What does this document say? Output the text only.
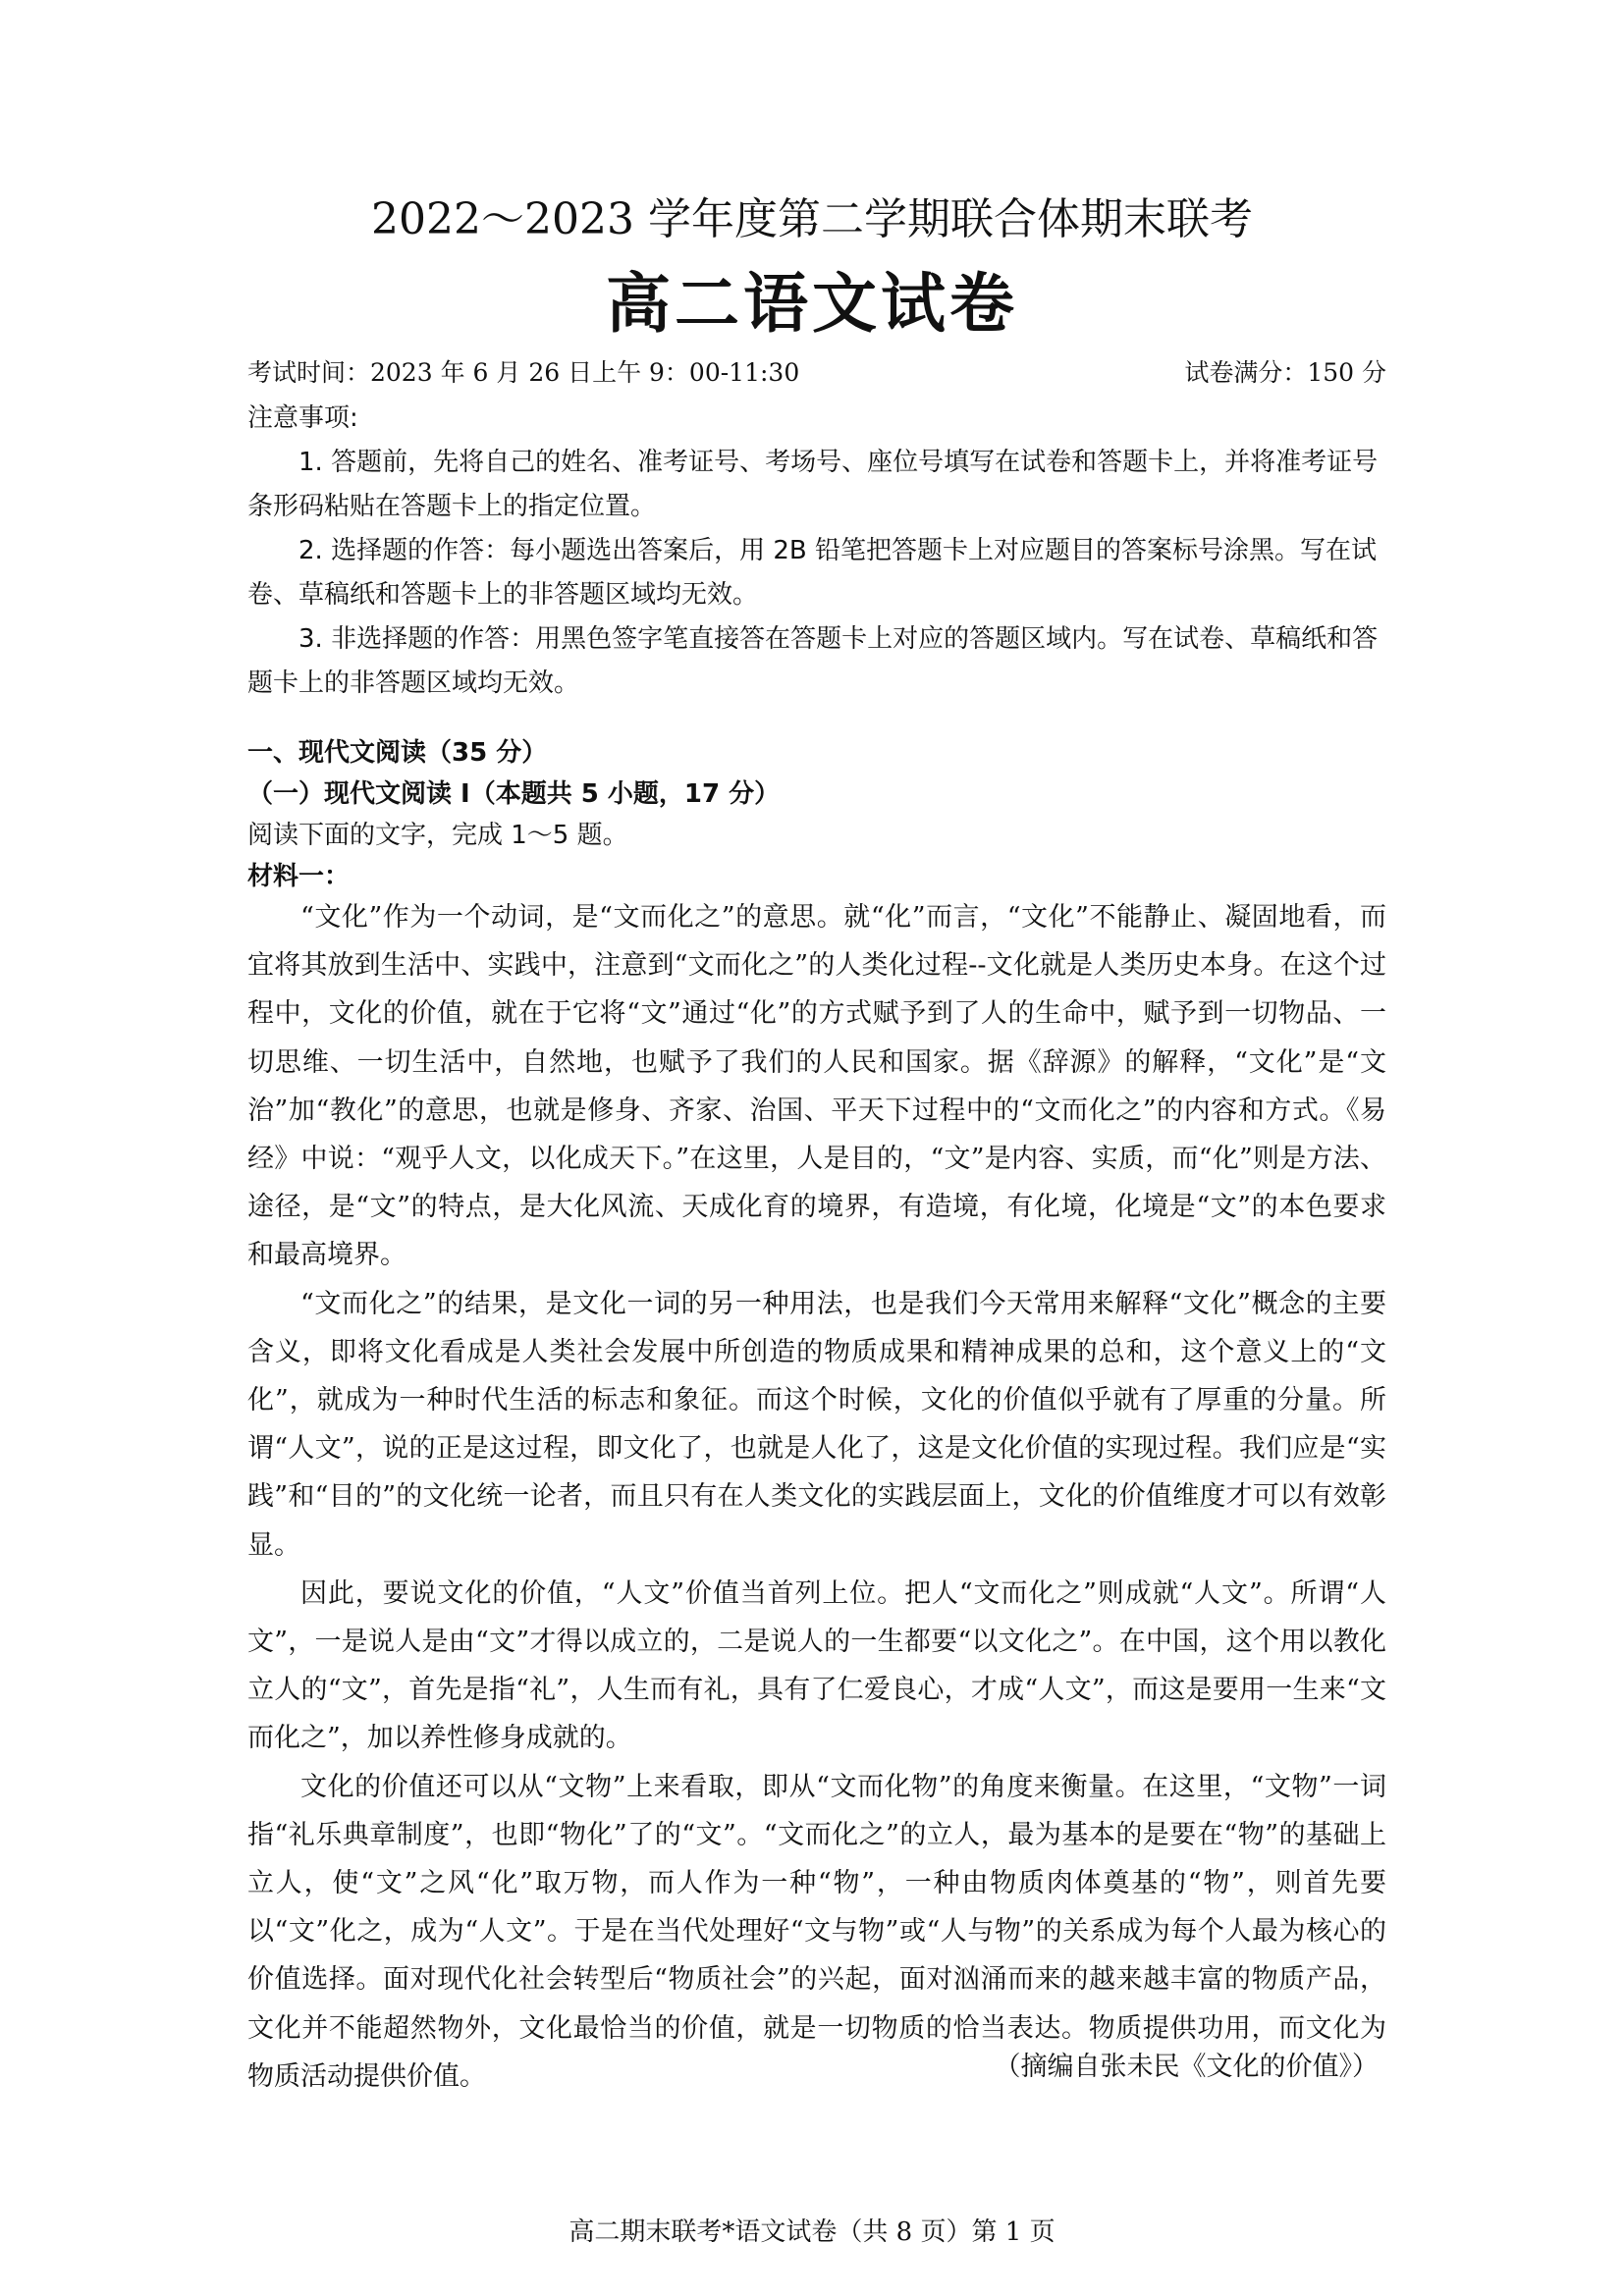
2022～2023 学年度第二学期联合体期末联考
高二语文试卷
考试时间：2023 年 6 月 26 日上午 9：00-11:30	试卷满分：150 分

注意事项:

1. 答题前，先将自己的姓名、准考证号、考场号、座位号填写在试卷和答题卡上，并将准考证号条形码粘贴在答题卡上的指定位置。

2. 选择题的作答：每小题选出答案后，用 2B 铅笔把答题卡上对应题目的答案标号涂黑。写在试卷、草稿纸和答题卡上的非答题区域均无效。

3. 非选择题的作答：用黑色签字笔直接答在答题卡上对应的答题区域内。写在试卷、草稿纸和答题卡上的非答题区域均无效。

一、现代文阅读（35 分）
（一）现代文阅读 I（本题共 5 小题，17 分）
阅读下面的文字，完成 1～5 题。
材料一：

“文化”作为一个动词，是“文而化之”的意思。就“化”而言，“文化”不能静止、凝固地看，而宜将其放到生活中、实践中，注意到“文而化之”的人类化过程--文化就是人类历史本身。在这个过程中，文化的价值，就在于它将“文”通过“化”的方式赋予到了人的生命中，赋予到一切物品、一切思维、一切生活中，自然地，也赋予了我们的人民和国家。据《辞源》的解释，“文化”是“文治”加“教化”的意思，也就是修身、齐家、治国、平天下过程中的“文而化之”的内容和方式。《易经》中说：“观乎人文，以化成天下。”在这里，人是目的，“文”是内容、实质，而“化”则是方法、途径，是“文”的特点，是大化风流、天成化育的境界，有造境，有化境，化境是“文”的本色要求和最高境界。

“文而化之”的结果，是文化一词的另一种用法，也是我们今天常用来解释“文化”概念的主要含义，即将文化看成是人类社会发展中所创造的物质成果和精神成果的总和，这个意义上的“文化”，就成为一种时代生活的标志和象征。而这个时候，文化的价值似乎就有了厚重的分量。所谓“人文”，说的正是这过程，即文化了，也就是人化了，这是文化价值的实现过程。我们应是“实践”和“目的”的文化统一论者，而且只有在人类文化的实践层面上，文化的价值维度才可以有效彰显。

因此，要说文化的价值，“人文”价值当首列上位。把人“文而化之”则成就“人文”。所谓“人文”，一是说人是由“文”才得以成立的，二是说人的一生都要“以文化之”。在中国，这个用以教化立人的“文”，首先是指“礼”，人生而有礼，具有了仁爱良心，才成“人文”，而这是要用一生来“文而化之”，加以养性修身成就的。

文化的价值还可以从“文物”上来看取，即从“文而化物”的角度来衡量。在这里，“文物”一词指“礼乐典章制度”，也即“物化”了的“文”。“文而化之”的立人，最为基本的是要在“物”的基础上立人，使“文”之风“化”取万物，而人作为一种“物”，一种由物质肉体奠基的“物”，则首先要以“文”化之，成为“人文”。于是在当代处理好“文与物”或“人与物”的关系成为每个人最为核心的价值选择。面对现代化社会转型后“物质社会”的兴起，面对汹涌而来的越来越丰富的物质产品，文化并不能超然物外，文化最恰当的价值，就是一切物质的恰当表达。物质提供功用，而文化为物质活动提供价值。	（摘编自张未民《文化的价值》）
高二期末联考*语文试卷（共 8 页）第 1 页
